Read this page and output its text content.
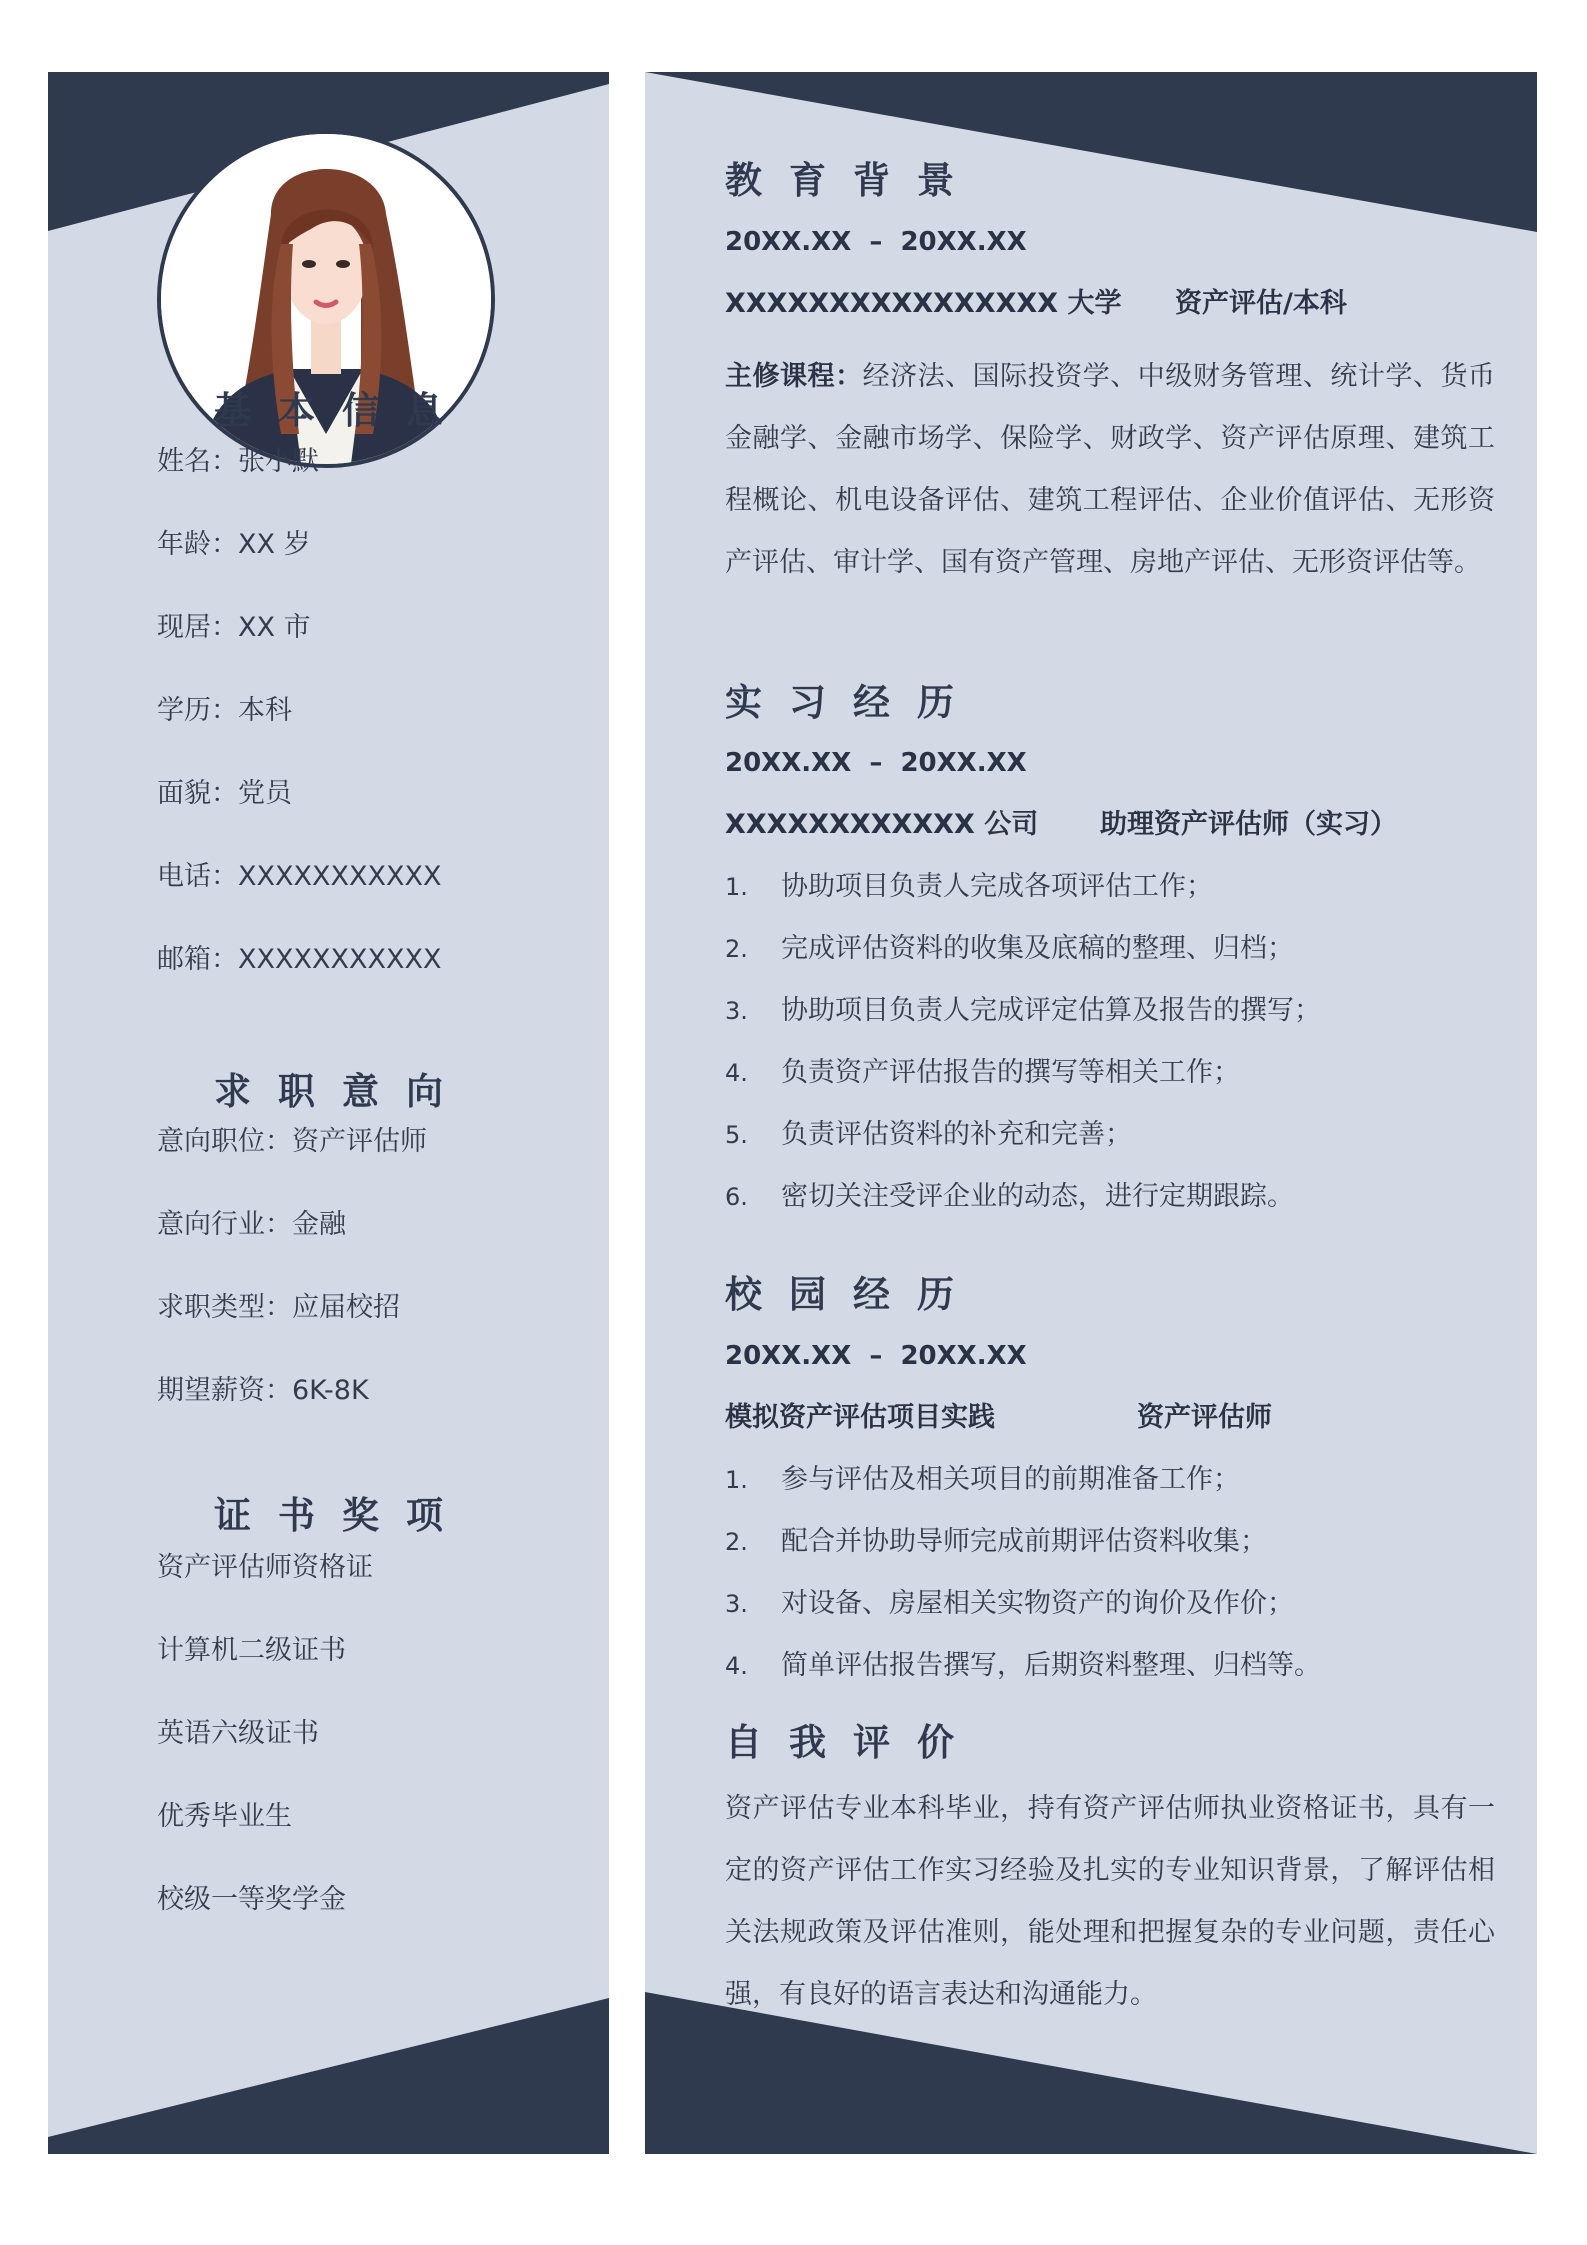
基本信息
姓名：张小默
年龄：XX 岁
现居：XX 市
学历：本科
面貌：党员
电话：XXXXXXXXXXX
邮箱：XXXXXXXXXXX
求职意向
意向职位：资产评估师
意向行业：金融
求职类型：应届校招
期望薪资：6K-8K
证书奖项
资产评估师资格证
计算机二级证书
英语六级证书
优秀毕业生
校级一等奖学金
教育背景
20XX.XX  –  20XX.XX
XXXXXXXXXXXXXXXX 大学 资产评估/本科

主修课程：经济法、国际投资学、中级财务管理、统计学、货币金融学、金融市场学、保险学、财政学、资产评估原理、建筑工程概论、机电设备评估、建筑工程评估、企业价值评估、无形资产评估、审计学、国有资产管理、房地产评估、无形资评估等。

实习经历
20XX.XX  –  20XX.XX
XXXXXXXXXXXX 公司 助理资产评估师（实习）
1. 协助项目负责人完成各项评估工作；
2. 完成评估资料的收集及底稿的整理、归档；
3. 协助项目负责人完成评定估算及报告的撰写；
4. 负责资产评估报告的撰写等相关工作；
5. 负责评估资料的补充和完善；
6. 密切关注受评企业的动态，进行定期跟踪。
校园经历
20XX.XX  –  20XX.XX
模拟资产评估项目实践	资产评估师
1. 参与评估及相关项目的前期准备工作；
2. 配合并协助导师完成前期评估资料收集；
3. 对设备、房屋相关实物资产的询价及作价；
4. 简单评估报告撰写，后期资料整理、归档等。
自我评价

资产评估专业本科毕业，持有资产评估师执业资格证书，具有一定的资产评估工作实习经验及扎实的专业知识背景，了解评估相关法规政策及评估准则，能处理和把握复杂的专业问题，责任心强，有良好的语言表达和沟通能力。
